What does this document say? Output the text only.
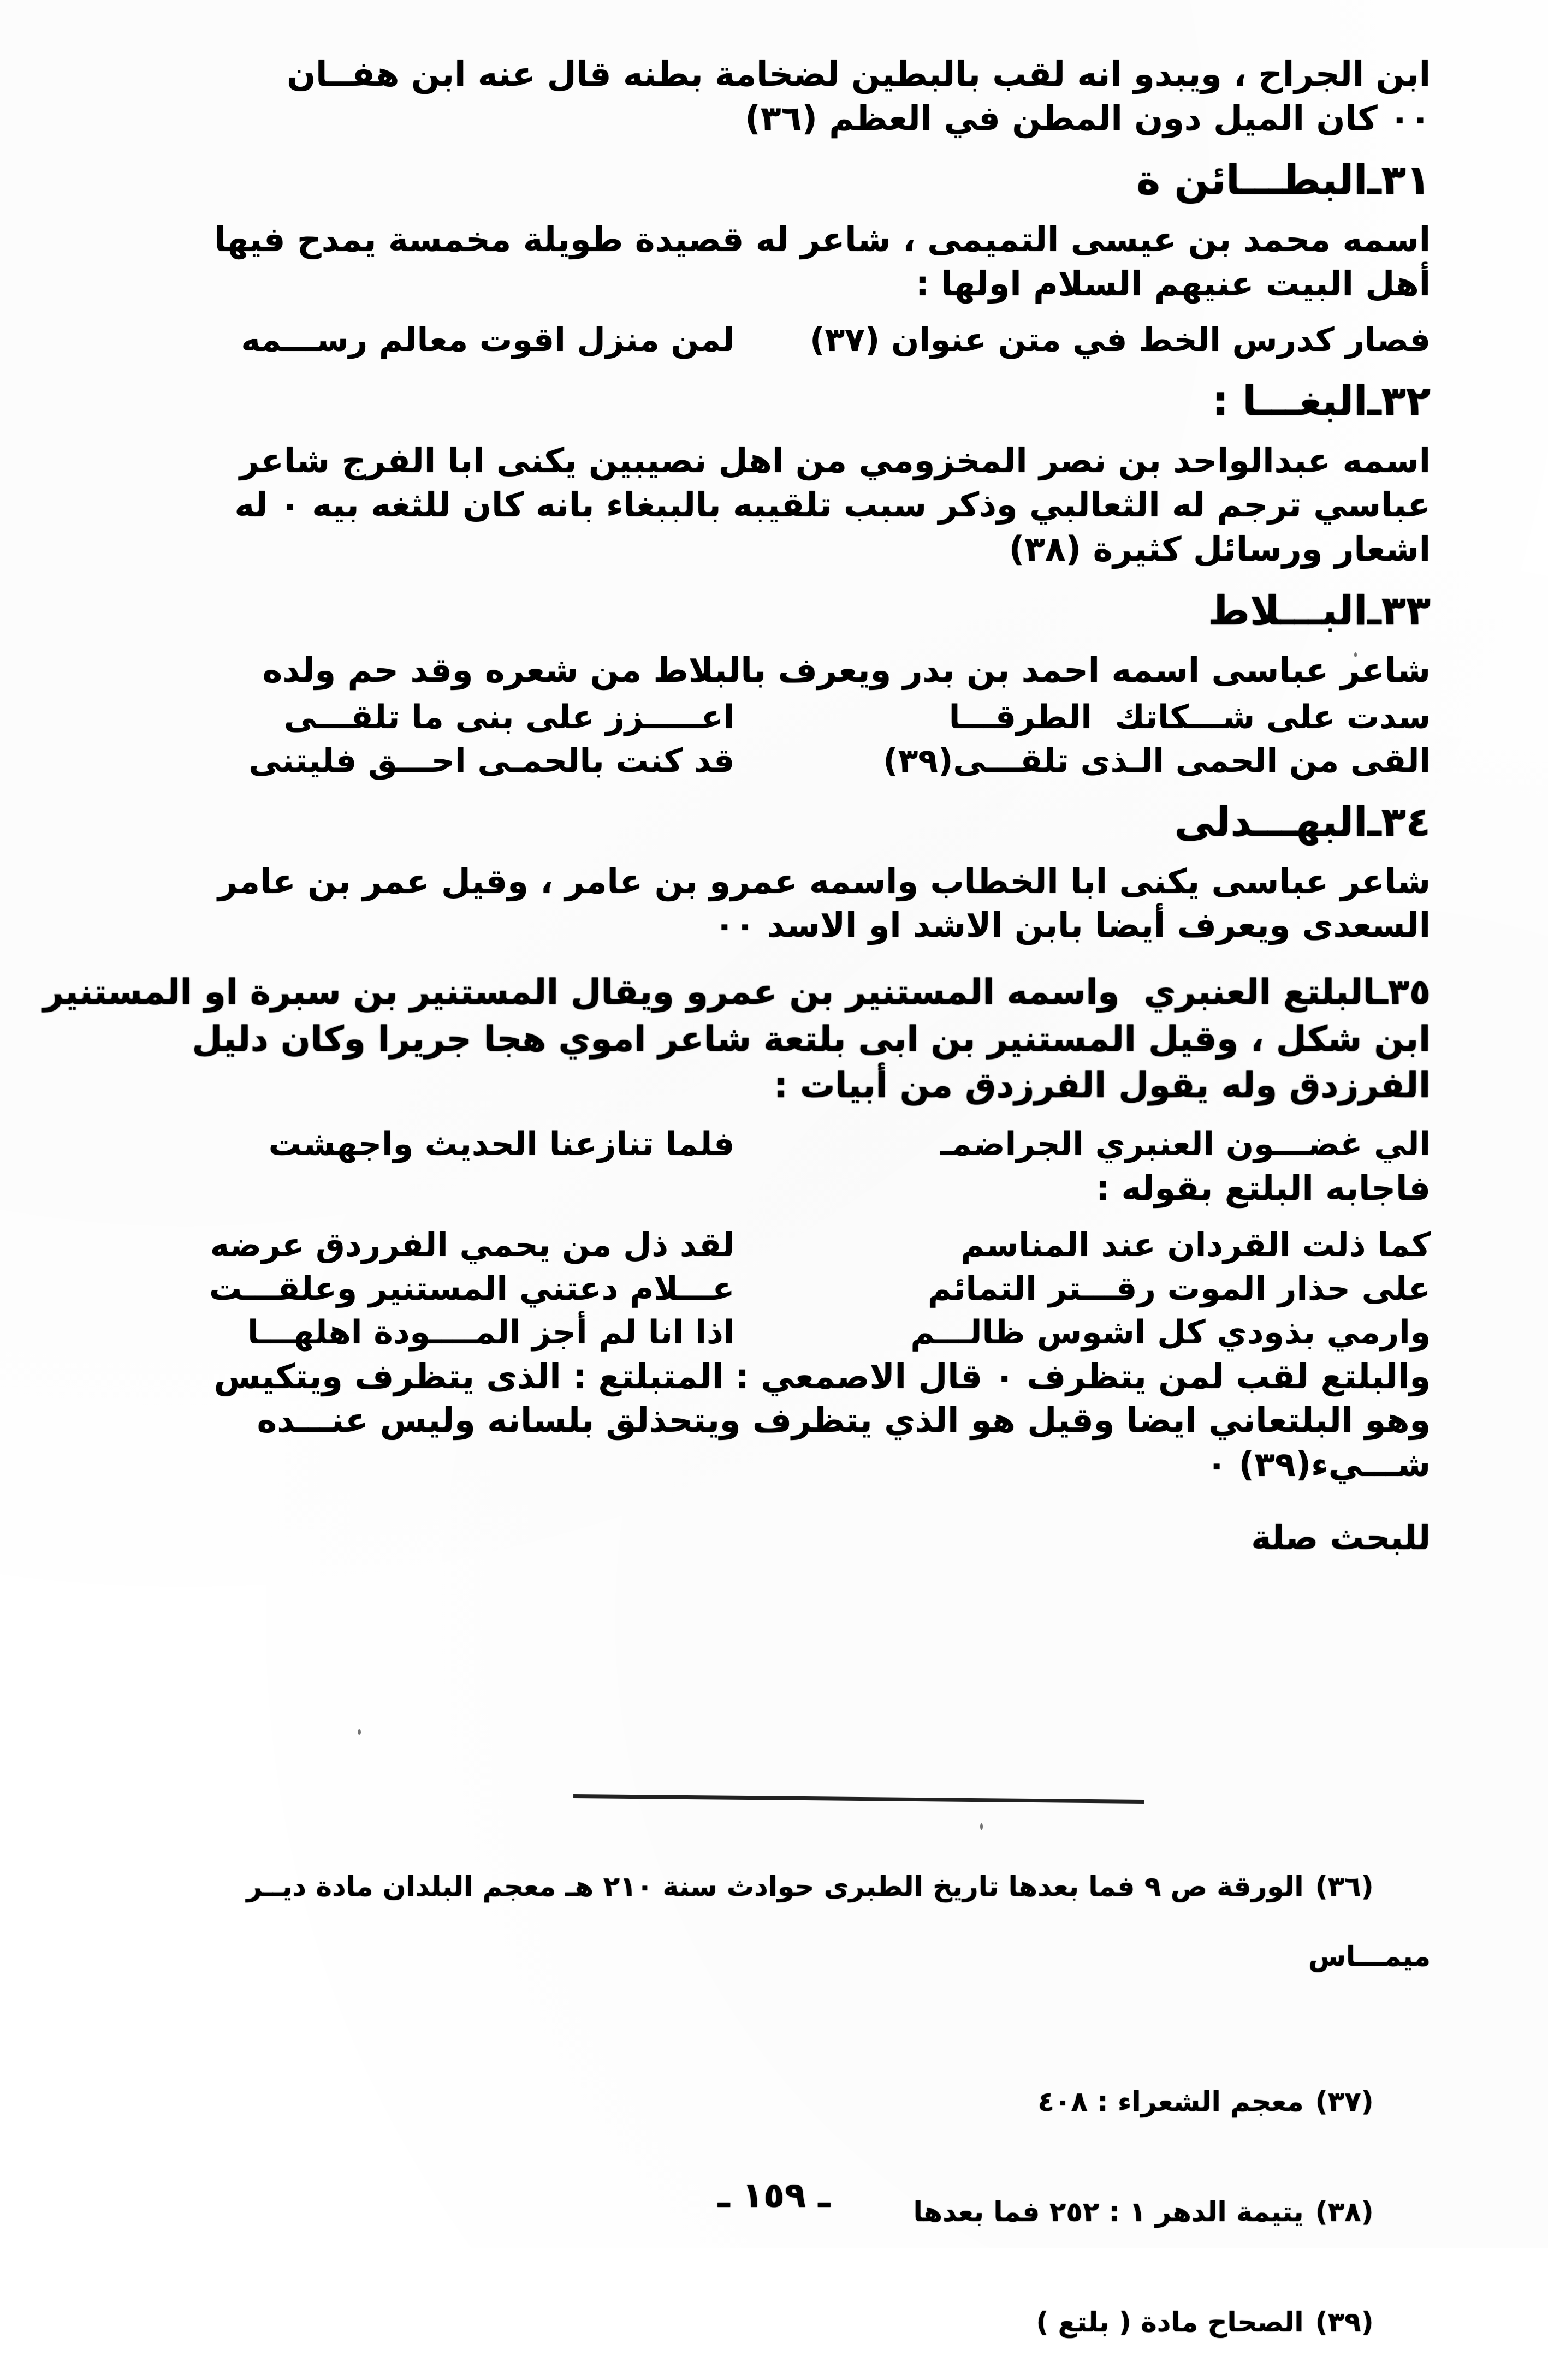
ابن الجراح ، ويبدو انه لقب بالبطين لضخامة بطنه قال عنه ابن هفــان
٠٠ كان الميل دون المطن في العظم (٣٦)
٣١ـالبطـــائن ة
اسمه محمد بن عيسى التميمى ، شاعر له قصيدة طويلة مخمسة يمدح فيها
أهل البيت عنيهم السلام اولها :
فصار كدرس الخط في متن عنوان (٣٧)
لمن منزل اقوت معالم رســـمه
٣٢ـالبغـــا :
اسمه عبدالواحد بن نصر المخزومي من اهل نصيبين يكنى ابا الفرج شاعر
عباسي ترجم له الثعالبي وذكر سبب تلقيبه بالببغاء بانه كان للثغه بيه ٠ له
اشعار ورسائل كثيرة (٣٨)
٣٣ـالبـــلاط
شاعر عباسى اسمه احمد بن بدر ويعرف بالبلاط من شعره وقد حم ولده
سدت على شـــكاتك  الطرقـــا
اعـــــزز على بنى ما تلقـــى
القى من الحمى الـذى تلقـــى(٣٩)
قد كنت بالحمـى احـــق فليتنى
٣٤ـالبهـــدلى
شاعر عباسى يكنى ابا الخطاب واسمه عمرو بن عامر ، وقيل عمر بن عامر
السعدى ويعرف أيضا بابن الاشد او الاسد ٠٠
٣٥ـالبلتع العنبري  واسمه المستنير بن عمرو ويقال المستنير بن سبرة او المستنير
ابن شكل ، وقيل المستنير بن ابى بلتعة شاعر اموي هجا جريرا وكان دليل
الفرزدق وله يقول الفرزدق من أبيات :
الي غضـــون العنبري الجراضمـ
فلما تنازعنا الحديث واجهشت
فاجابه البلتع بقوله :
كما ذلت القردان عند المناسم
لقد ذل من يحمي الفرردق عرضه
على حذار الموت رقـــتر التمائم
عـــلام دعتني المستنير وعلقـــت
وارمي بذودي كل اشوس ظالـــم
اذا انا لم أجز المــــودة اهلهـــا
والبلتع لقب لمن يتظرف ٠ قال الاصمعي : المتبلتع : الذى يتظرف ويتكيس
وهو البلتعاني ايضا وقيل هو الذي يتظرف ويتحذلق بلسانه وليس عنـــده
شـــيء(٣٩) ٠
للبحث صلة

(٣٦)الورقة ص ٩ فما بعدها تاريخ الطبرى حوادث سنة ٢١٠ هـ معجم البلدان مادة ديــر

ميمـــاس

(٣٧)معجم الشعراء : ٤٠٨

(٣٨)يتيمة الدهر ١ : ٢٥٢ فما بعدها

(٣٩)الصحاح مادة ( بلتع )

ـ ١٥٩ ـ
